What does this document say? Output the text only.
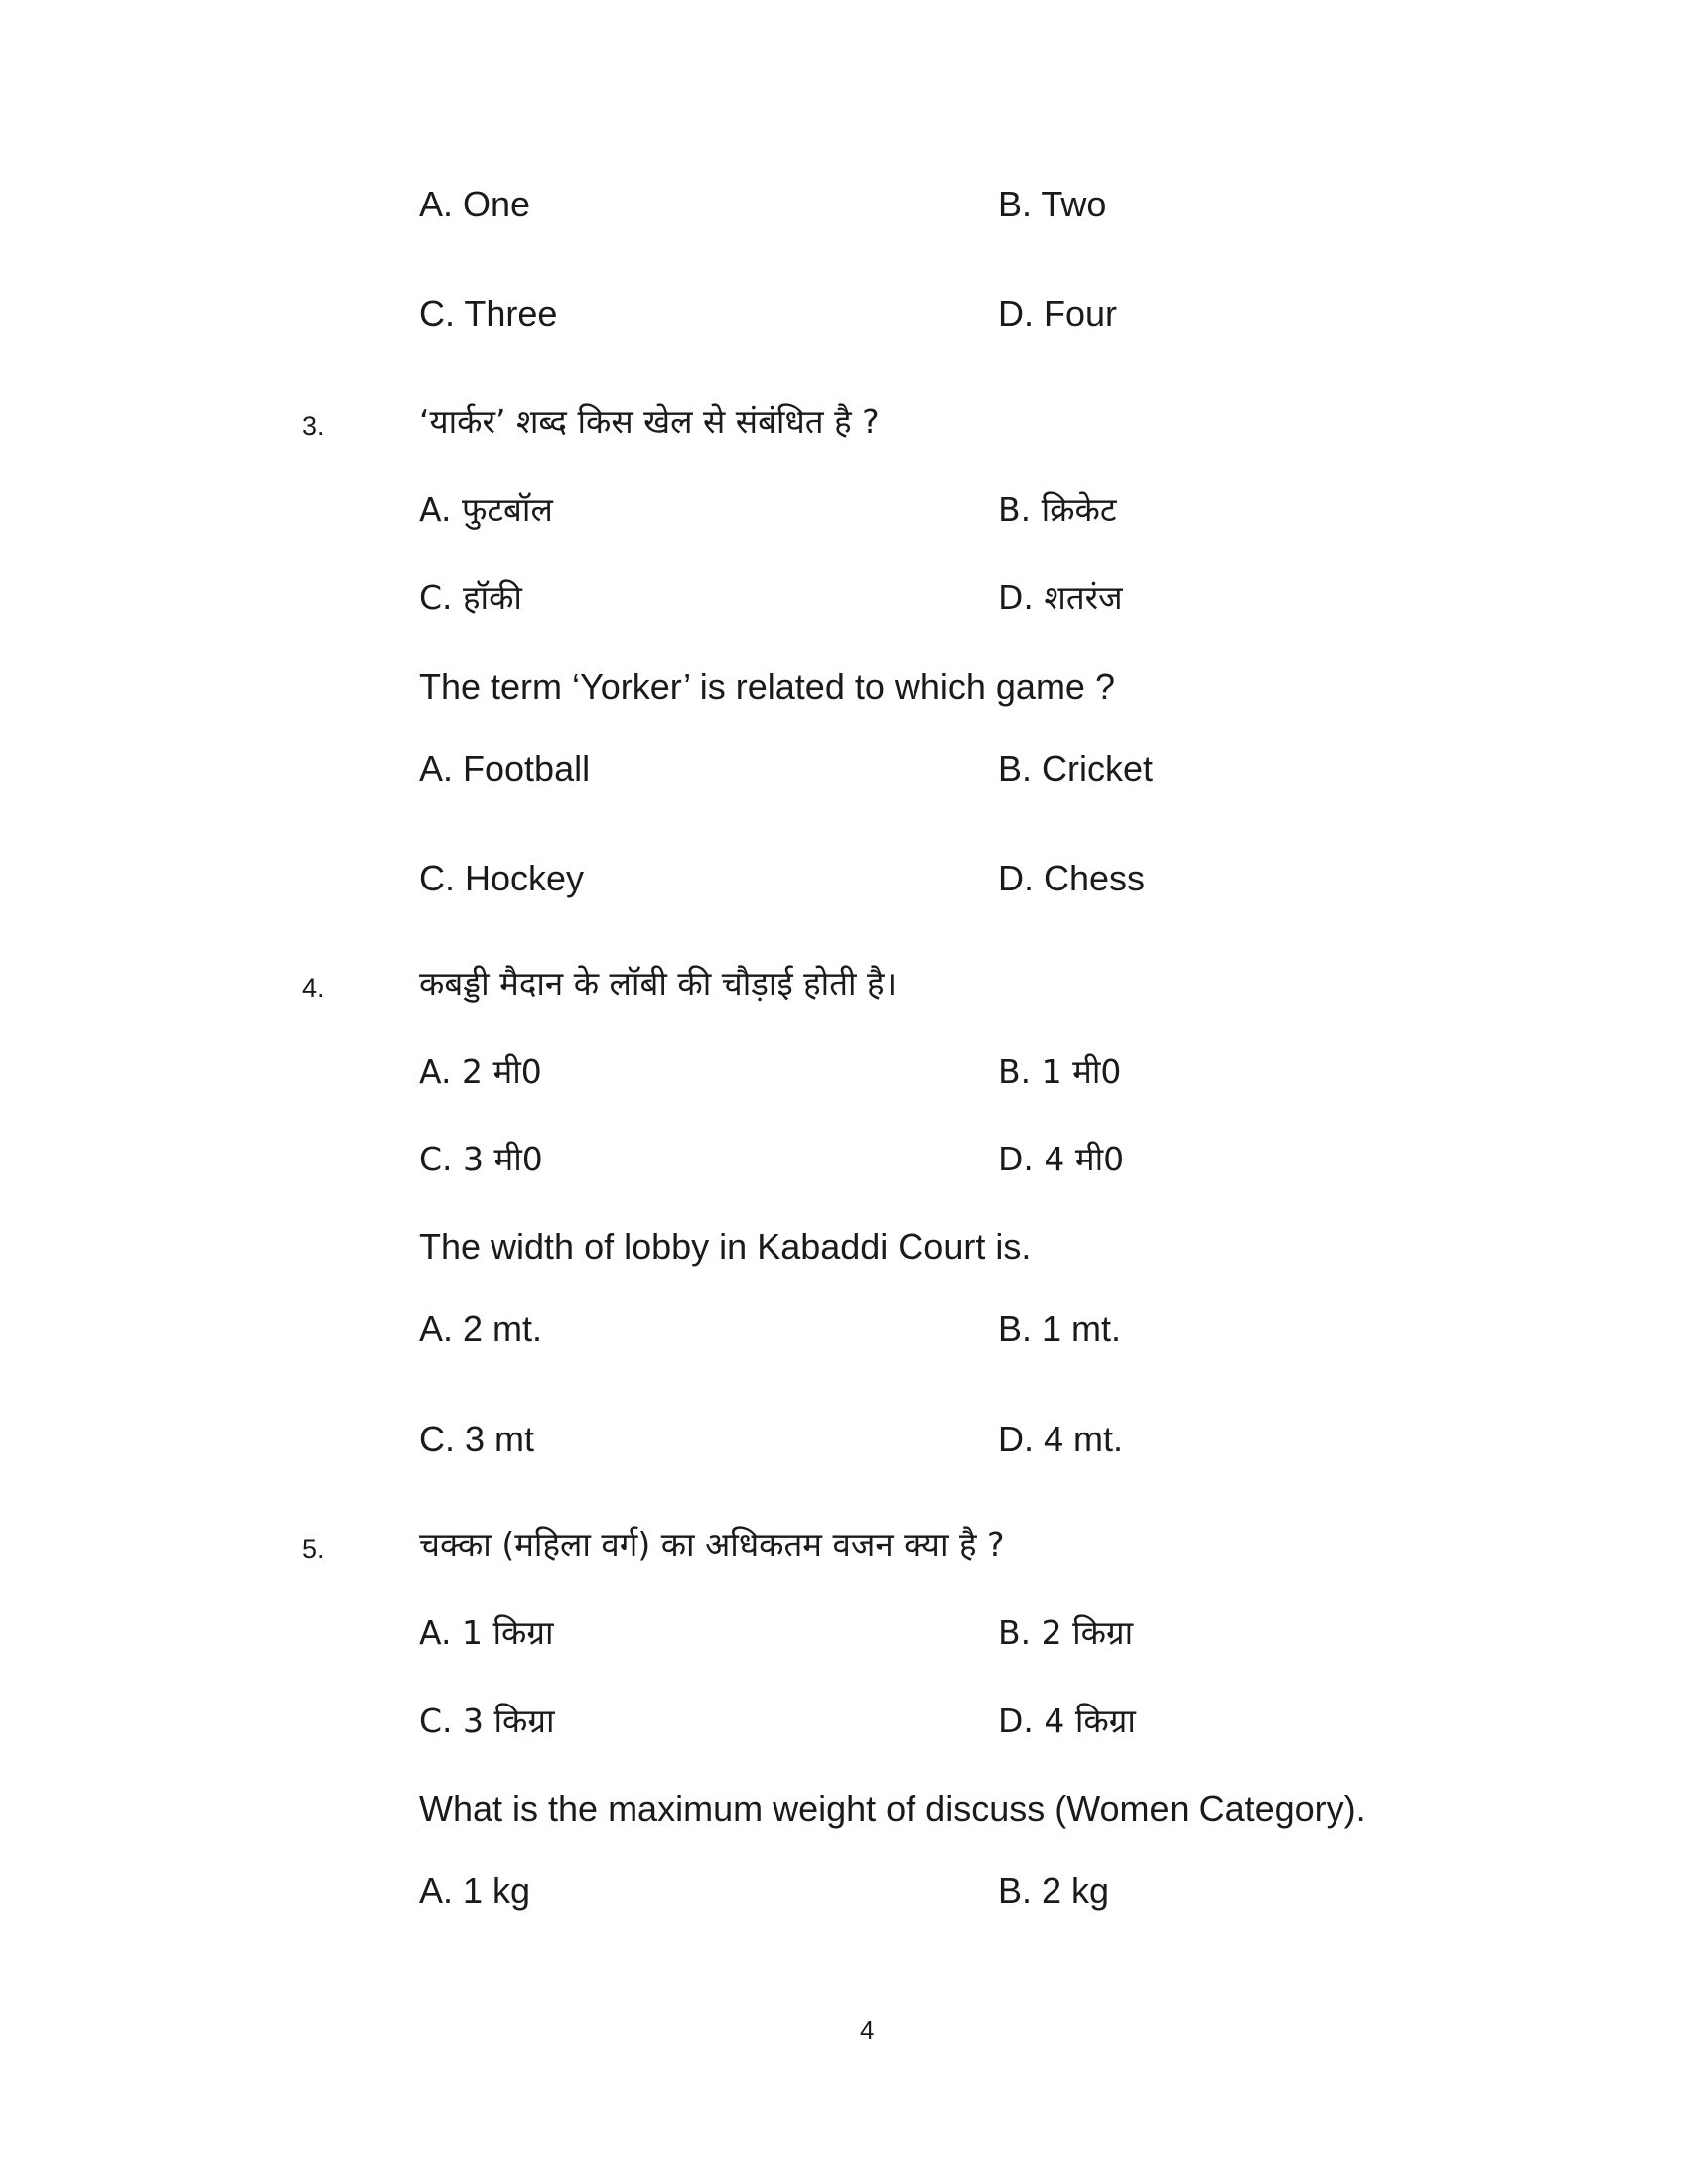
A. One	B. Two
C. Three	D. Four
3.	‘यार्कर’ शब्द किस खेल से संबंधित है ?
A. फुटबॉल	B. क्रिकेट
C. हॉकी	D. शतरंज
The term ‘Yorker’ is related to which game ?
A. Football	B. Cricket
C. Hockey	D. Chess
4.	कबड्डी मैदान के लॉबी की चौड़ाई होती है।
A. 2 मी0	B. 1 मी0
C. 3 मी0	D. 4 मी0
The width of lobby in Kabaddi Court is.
A. 2 mt.	B. 1 mt.
C. 3 mt	D. 4 mt.
5.	चक्का (महिला वर्ग) का अधिकतम वजन क्या है ?
A. 1 किग्रा	B. 2 किग्रा
C. 3 किग्रा	D. 4 किग्रा
What is the maximum weight of discuss (Women Category).
A. 1 kg	B. 2 kg
4
